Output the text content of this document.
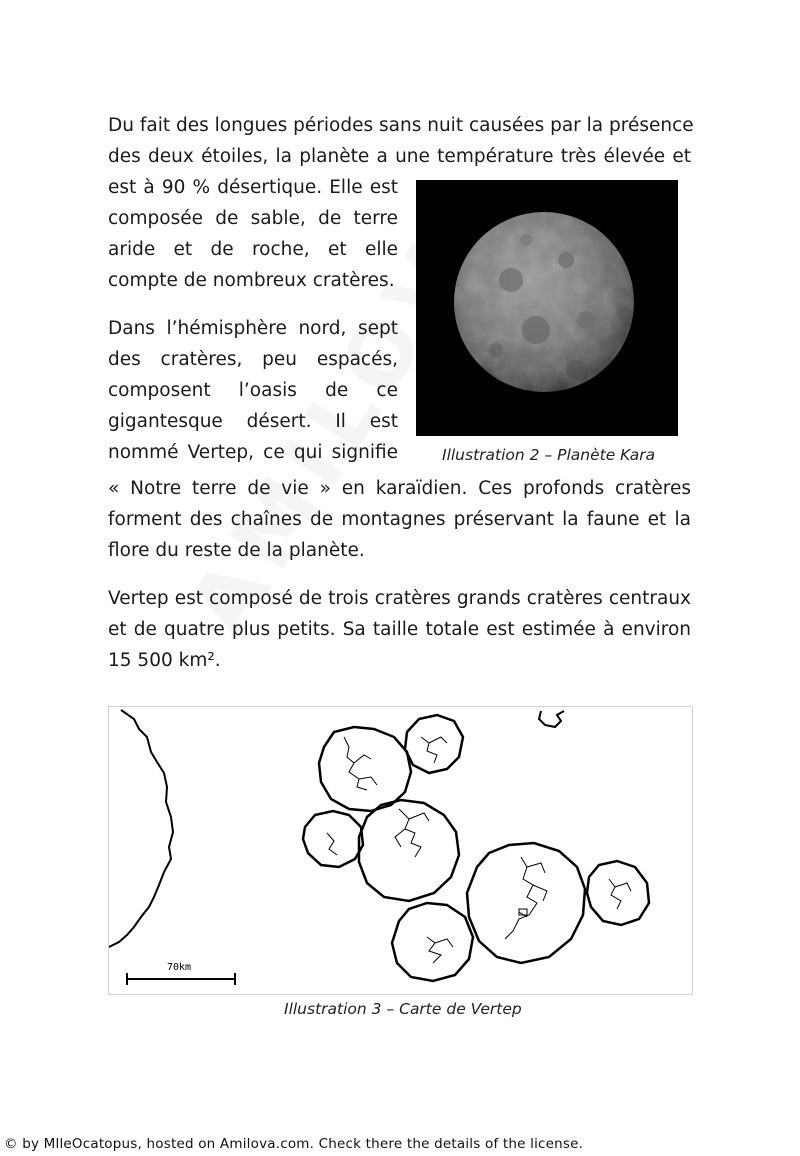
Du fait des longues périodes sans nuit causées par la présence
des deux étoiles, la planète a une température très élevée et
est à 90 % désertique. Elle est
composée de sable, de terre
aride et de roche, et elle
compte de nombreux cratères.
Dans l’hémisphère nord, sept
des cratères, peu espacés,
composent l’oasis de ce
gigantesque désert. Il est
nommé Vertep, ce qui signifie
« Notre terre de vie » en karaïdien. Ces profonds cratères
forment des chaînes de montagnes préservant la faune et la
flore du reste de la planète.
Vertep est composé de trois cratères grands cratères centraux
et de quatre plus petits. Sa taille totale est estimée à environ
15 500 km².
Illustration 2 – Planète Kara
70km
Illustration 3 – Carte de Vertep
© by MlleOcatopus, hosted on Amilova.com. Check there the details of the license.
